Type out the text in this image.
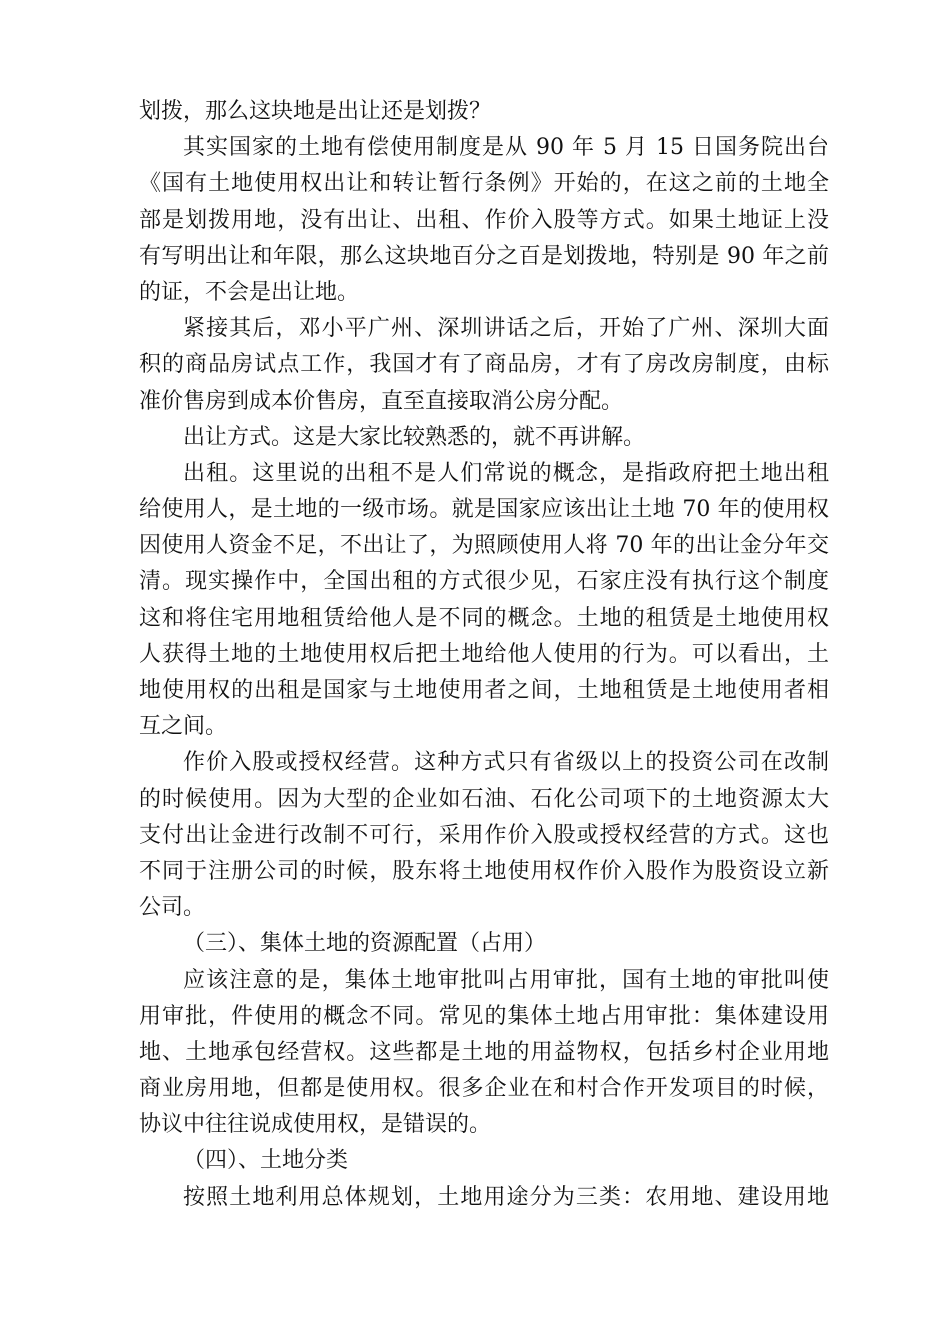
划拨，那么这块地是出让还是划拨？
其实国家的土地有偿使用制度是从 90 年 5 月 15 日国务院出台
《国有土地使用权出让和转让暂行条例》开始的，在这之前的土地全
部是划拨用地，没有出让、出租、作价入股等方式。如果土地证上没
有写明出让和年限，那么这块地百分之百是划拨地，特别是 90 年之前
的证，不会是出让地。
紧接其后，邓小平广州、深圳讲话之后，开始了广州、深圳大面
积的商品房试点工作，我国才有了商品房，才有了房改房制度，由标
准价售房到成本价售房，直至直接取消公房分配。
出让方式。这是大家比较熟悉的，就不再讲解。
出租。这里说的出租不是人们常说的概念，是指政府把土地出租
给使用人，是土地的一级市场。就是国家应该出让土地 70 年的使用权
因使用人资金不足，不出让了，为照顾使用人将 70 年的出让金分年交
清。现实操作中，全国出租的方式很少见，石家庄没有执行这个制度
这和将住宅用地租赁给他人是不同的概念。土地的租赁是土地使用权
人获得土地的土地使用权后把土地给他人使用的行为。可以看出，土
地使用权的出租是国家与土地使用者之间，土地租赁是土地使用者相
互之间。
作价入股或授权经营。这种方式只有省级以上的投资公司在改制
的时候使用。因为大型的企业如石油、石化公司项下的土地资源太大
支付出让金进行改制不可行，采用作价入股或授权经营的方式。这也
不同于注册公司的时候，股东将土地使用权作价入股作为股资设立新
公司。
（三）、集体土地的资源配置（占用）
应该注意的是，集体土地审批叫占用审批，国有土地的审批叫使
用审批，件使用的概念不同。常见的集体土地占用审批：集体建设用
地、土地承包经营权。这些都是土地的用益物权，包括乡村企业用地
商业房用地，但都是使用权。很多企业在和村合作开发项目的时候，
协议中往往说成使用权，是错误的。
（四）、土地分类
按照土地利用总体规划，土地用途分为三类：农用地、建设用地
